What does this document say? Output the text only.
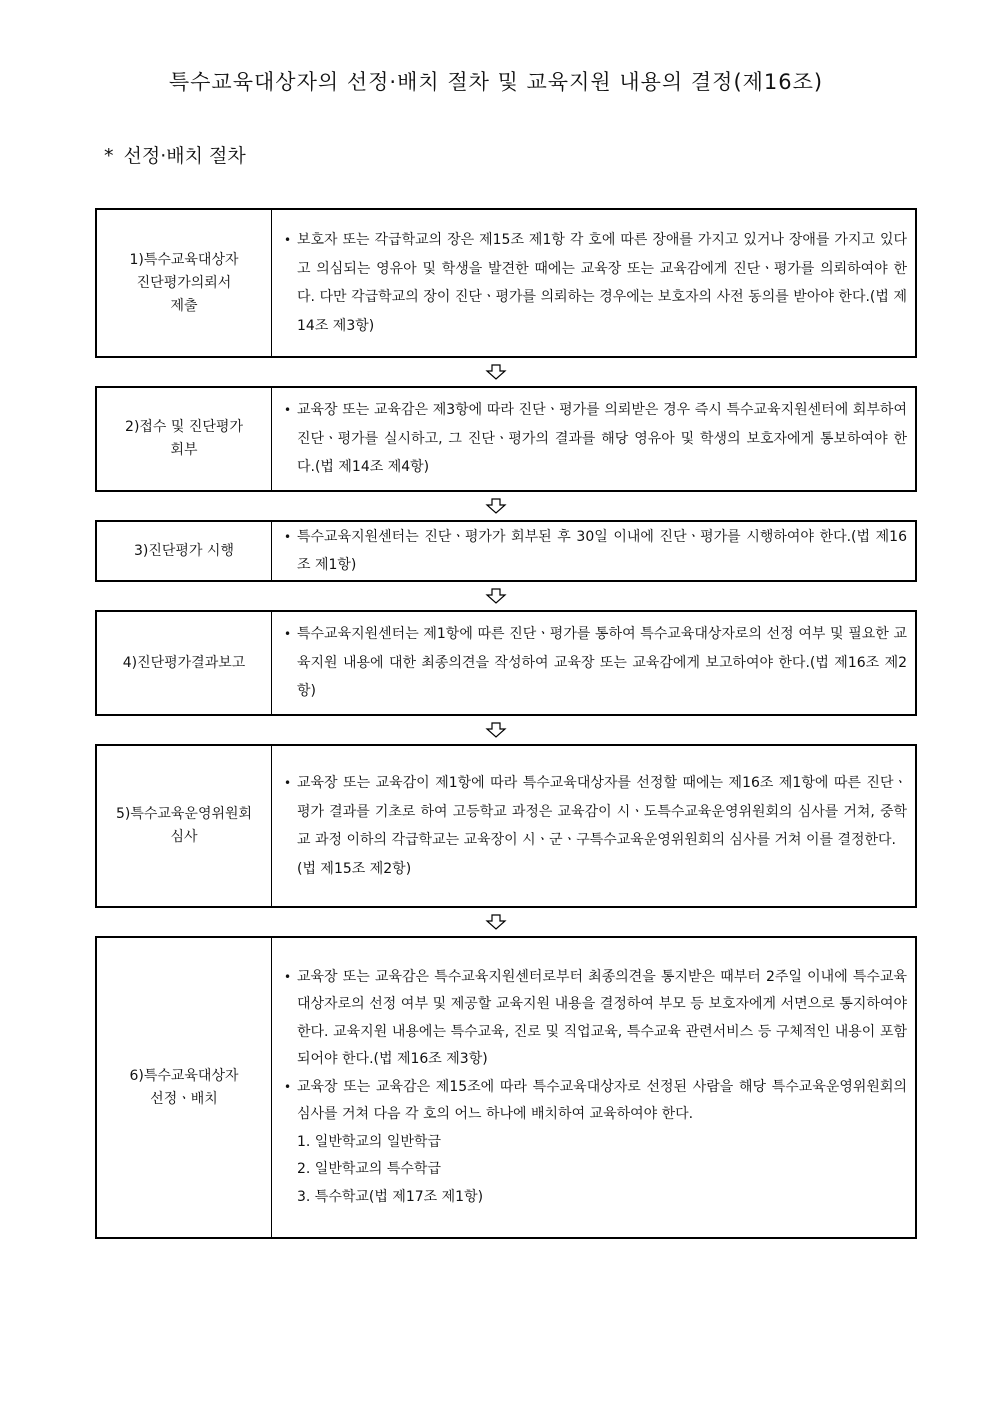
특수교육대상자의 선정·배치 절차 및 교육지원 내용의 결정(제16조)
* 선정·배치 절차
1)특수교육대상자
진단평가의뢰서
제출
• 보호자 또는 각급학교의 장은 제15조 제1항 각 호에 따른 장애를 가지고 있거나 장애를 가지고 있다고 의심되는 영유아 및 학생을 발견한 때에는 교육장 또는 교육감에게 진단ㆍ평가를 의뢰하여야 한다. 다만 각급학교의 장이 진단ㆍ평가를 의뢰하는 경우에는 보호자의 사전 동의를 받아야 한다.(법 제14조 제3항)
2)접수 및 진단평가
회부
• 교육장 또는 교육감은 제3항에 따라 진단ㆍ평가를 의뢰받은 경우 즉시 특수교육지원센터에 회부하여 진단ㆍ평가를 실시하고, 그 진단ㆍ평가의 결과를 해당 영유아 및 학생의 보호자에게 통보하여야 한다.(법 제14조 제4항)
3)진단평가 시행
• 특수교육지원센터는 진단ㆍ평가가 회부된 후 30일 이내에 진단ㆍ평가를 시행하여야 한다.(법 제16조 제1항)
4)진단평가결과보고
• 특수교육지원센터는 제1항에 따른 진단ㆍ평가를 통하여 특수교육대상자로의 선정 여부 및 필요한 교육지원 내용에 대한 최종의견을 작성하여 교육장 또는 교육감에게 보고하여야 한다.(법 제16조 제2항)
5)특수교육운영위원회
심사
• 교육장 또는 교육감이 제1항에 따라 특수교육대상자를 선정할 때에는 제16조 제1항에 따른 진단ㆍ평가 결과를 기초로 하여 고등학교 과정은 교육감이 시ㆍ도특수교육운영위원회의 심사를 거쳐, 중학교 과정 이하의 각급학교는 교육장이 시ㆍ군ㆍ구특수교육운영위원회의 심사를 거쳐 이를 결정한다.
(법 제15조 제2항)
6)특수교육대상자
선정ㆍ배치
• 교육장 또는 교육감은 특수교육지원센터로부터 최종의견을 통지받은 때부터 2주일 이내에 특수교육대상자로의 선정 여부 및 제공할 교육지원 내용을 결정하여 부모 등 보호자에게 서면으로 통지하여야 한다. 교육지원 내용에는 특수교육, 진로 및 직업교육, 특수교육 관련서비스 등 구체적인 내용이 포함되어야 한다.(법 제16조 제3항)
• 교육장 또는 교육감은 제15조에 따라 특수교육대상자로 선정된 사람을 해당 특수교육운영위원회의 심사를 거쳐 다음 각 호의 어느 하나에 배치하여 교육하여야 한다.
1. 일반학교의 일반학급
2. 일반학교의 특수학급
3. 특수학교(법 제17조 제1항)
